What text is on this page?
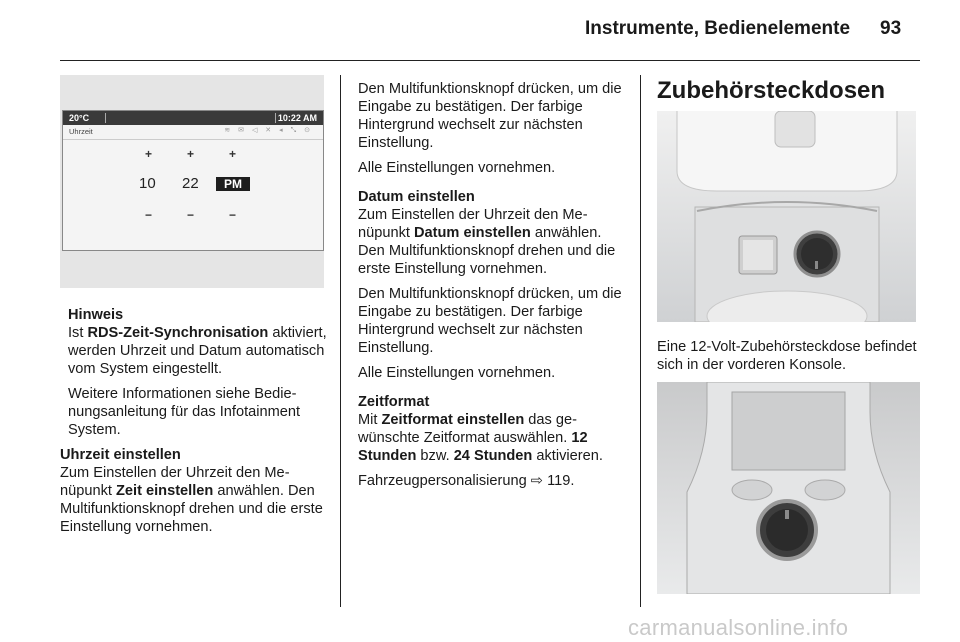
Instrumente, Bedienelemente 93
20°C	10:22 AM
Uhrzeit	≋ ✉ ◁ ✕ ◂ ⤡ ⊙
+	+	+
10 22	PM
−	−	−
Hinweis

Ist RDS-Zeit-Synchronisation aktiviert, werden Uhrzeit und Datum automatisch vom System eingestellt.

Weitere Informationen siehe Bedienungsanleitung für das Infotainment System.

Uhrzeit einstellen

Zum Einstellen der Uhrzeit den Menüpunkt Zeit einstellen anwählen. Den Multifunktionsknopf drehen und die erste Einstellung vornehmen.

Den Multifunktionsknopf drücken, um die Eingabe zu bestätigen. Der farbige Hintergrund wechselt zur nächsten Einstellung.

Alle Einstellungen vornehmen.

Datum einstellen

Zum Einstellen der Uhrzeit den Menüpunkt Datum einstellen anwählen. Den Multifunktionsknopf drehen und die erste Einstellung vornehmen.

Den Multifunktionsknopf drücken, um die Eingabe zu bestätigen. Der farbige Hintergrund wechselt zur nächsten Einstellung.

Alle Einstellungen vornehmen.

Zeitformat

Mit Zeitformat einstellen das gewünschte Zeitformat auswählen. 12 Stunden bzw. 24 Stunden aktivieren.

Fahrzeugpersonalisierung ⇨ 119.

Zubehörsteckdosen

Eine 12-Volt-Zubehörsteckdose befindet sich in der vorderen Konsole.

carmanualsonline.info
